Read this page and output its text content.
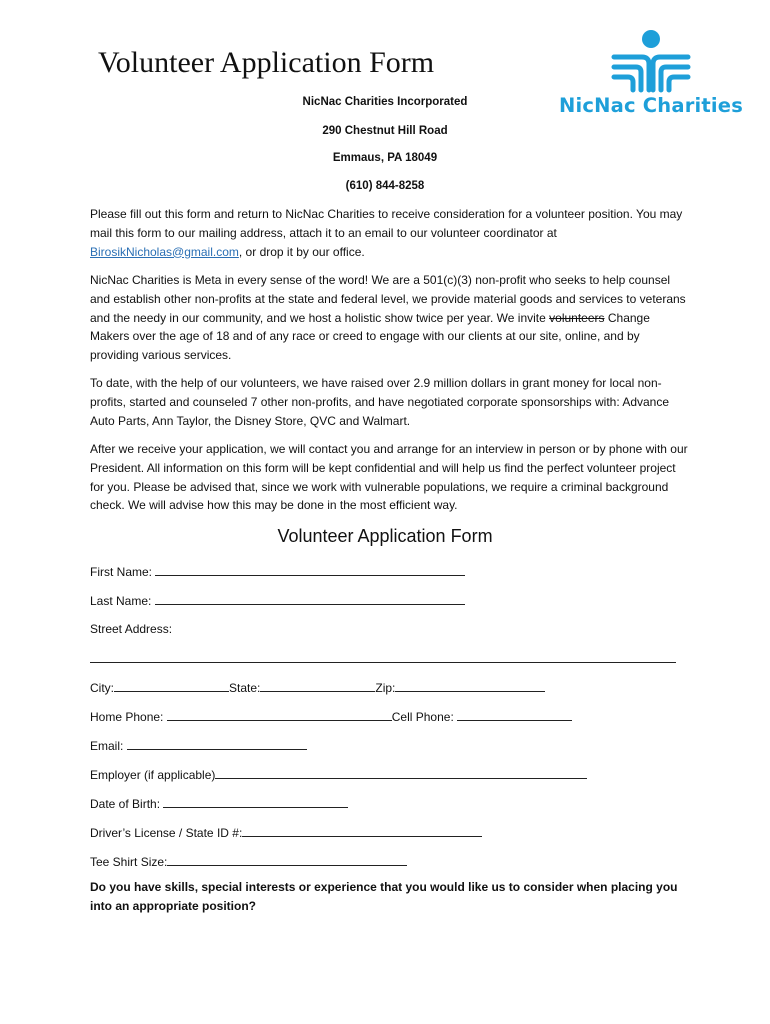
Volunteer Application Form
NicNac Charities Incorporated
290 Chestnut Hill Road
Emmaus, PA 18049
(610) 844-8258
NicNac Charities

Please fill out this form and return to NicNac Charities to receive consideration for a volunteer position. You may mail this form to our mailing address, attach it to an email to our volunteer coordinator at BirosikNicholas@gmail.com, or drop it by our office.

NicNac Charities is Meta in every sense of the word! We are a 501(c)(3) non-profit who seeks to help counsel and establish other non-profits at the state and federal level, we provide material goods and services to veterans and the needy in our community, and we host a holistic show twice per year. We invite volunteers Change Makers over the age of 18 and of any race or creed to engage with our clients at our site, online, and by providing various services.

To date, with the help of our volunteers, we have raised over 2.9 million dollars in grant money for local non-profits, started and counseled 7 other non-profits, and have negotiated corporate sponsorships with: Advance Auto Parts, Ann Taylor, the Disney Store, QVC and Walmart.

After we receive your application, we will contact you and arrange for an interview in person or by phone with our President. All information on this form will be kept confidential and will help us find the perfect volunteer project for you. Please be advised that, since we work with vulnerable populations, we require a criminal background check. We will advise how this may be done in the most efficient way.

Volunteer Application Form
First Name:
Last Name:
Street Address:
City:	State:	Zip:
Home Phone:	Cell Phone:
Email:
Employer (if applicable)
Date of Birth:
Driver’s License / State ID #:
Tee Shirt Size:
Do you have skills, special interests or experience that you would like us to consider when placing you into an appropriate position?
